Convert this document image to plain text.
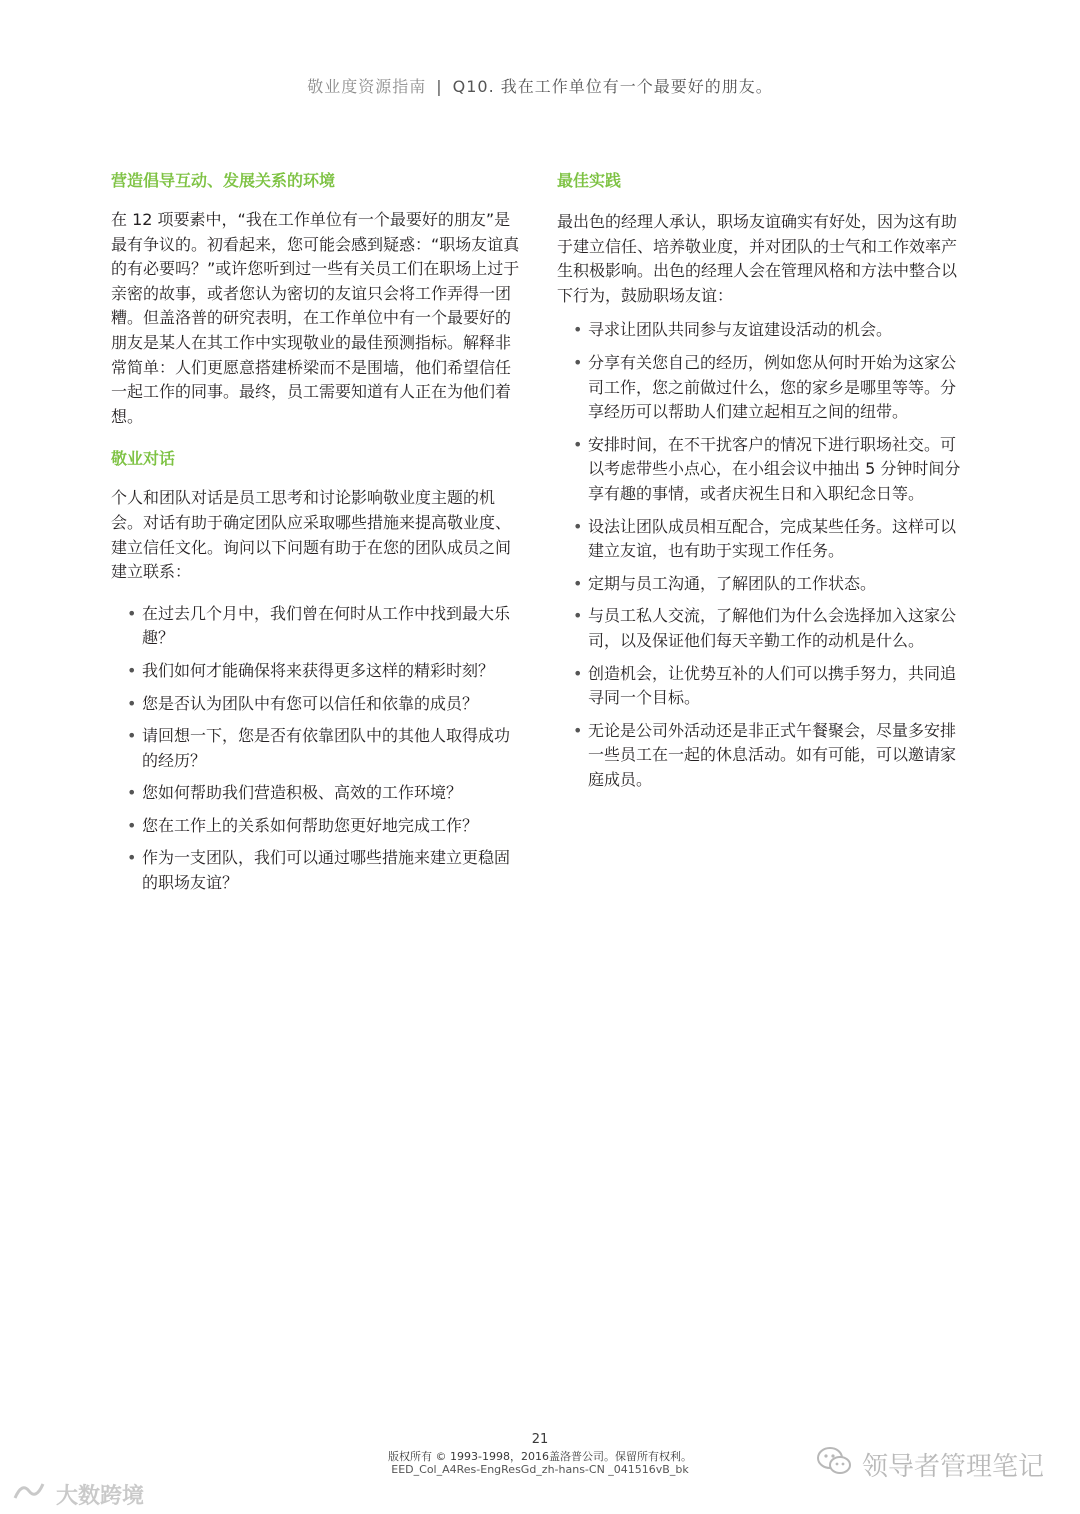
敬业度资源指南 | Q10. 我在工作单位有一个最要好的朋友。
营造倡导互动、发展关系的环境

在 12 项要素中，“我在工作单位有一个最要好的朋友”是最有争议的。初看起来，您可能会感到疑惑：“职场友谊真的有必要吗？”或许您听到过一些有关员工们在职场上过于亲密的故事，或者您认为密切的友谊只会将工作弄得一团糟。但盖洛普的研究表明，在工作单位中有一个最要好的朋友是某人在其工作中实现敬业的最佳预测指标。解释非常简单：人们更愿意搭建桥梁而不是围墙，他们希望信任一起工作的同事。最终，员工需要知道有人正在为他们着想。

敬业对话

个人和团队对话是员工思考和讨论影响敬业度主题的机会。对话有助于确定团队应采取哪些措施来提高敬业度、建立信任文化。询问以下问题有助于在您的团队成员之间建立联系：

• 在过去几个月中，我们曾在何时从工作中找到最大乐趣？
• 我们如何才能确保将来获得更多这样的精彩时刻？
• 您是否认为团队中有您可以信任和依靠的成员？
• 请回想一下，您是否有依靠团队中的其他人取得成功的经历？
• 您如何帮助我们营造积极、高效的工作环境？
• 您在工作上的关系如何帮助您更好地完成工作？
• 作为一支团队，我们可以通过哪些措施来建立更稳固的职场友谊？
最佳实践

最出色的经理人承认，职场友谊确实有好处，因为这有助于建立信任、培养敬业度，并对团队的士气和工作效率产生积极影响。出色的经理人会在管理风格和方法中整合以下行为，鼓励职场友谊：

• 寻求让团队共同参与友谊建设活动的机会。
• 分享有关您自己的经历，例如您从何时开始为这家公司工作，您之前做过什么，您的家乡是哪里等等。分享经历可以帮助人们建立起相互之间的纽带。
• 安排时间，在不干扰客户的情况下进行职场社交。可以考虑带些小点心，在小组会议中抽出 5 分钟时间分享有趣的事情，或者庆祝生日和入职纪念日等。
• 设法让团队成员相互配合，完成某些任务。这样可以建立友谊，也有助于实现工作任务。
• 定期与员工沟通，了解团队的工作状态。
• 与员工私人交流，了解他们为什么会选择加入这家公司，以及保证他们每天辛勤工作的动机是什么。
• 创造机会，让优势互补的人们可以携手努力，共同追寻同一个目标。
• 无论是公司外活动还是非正式午餐聚会，尽量多安排一些员工在一起的休息活动。如有可能，可以邀请家庭成员。
21
版权所有 © 1993-1998，2016盖洛普公司。保留所有权利。
EED_Col_A4Res-EngResGd_zh-hans-CN _041516vB_bk
大数跨境
领导者管理笔记
